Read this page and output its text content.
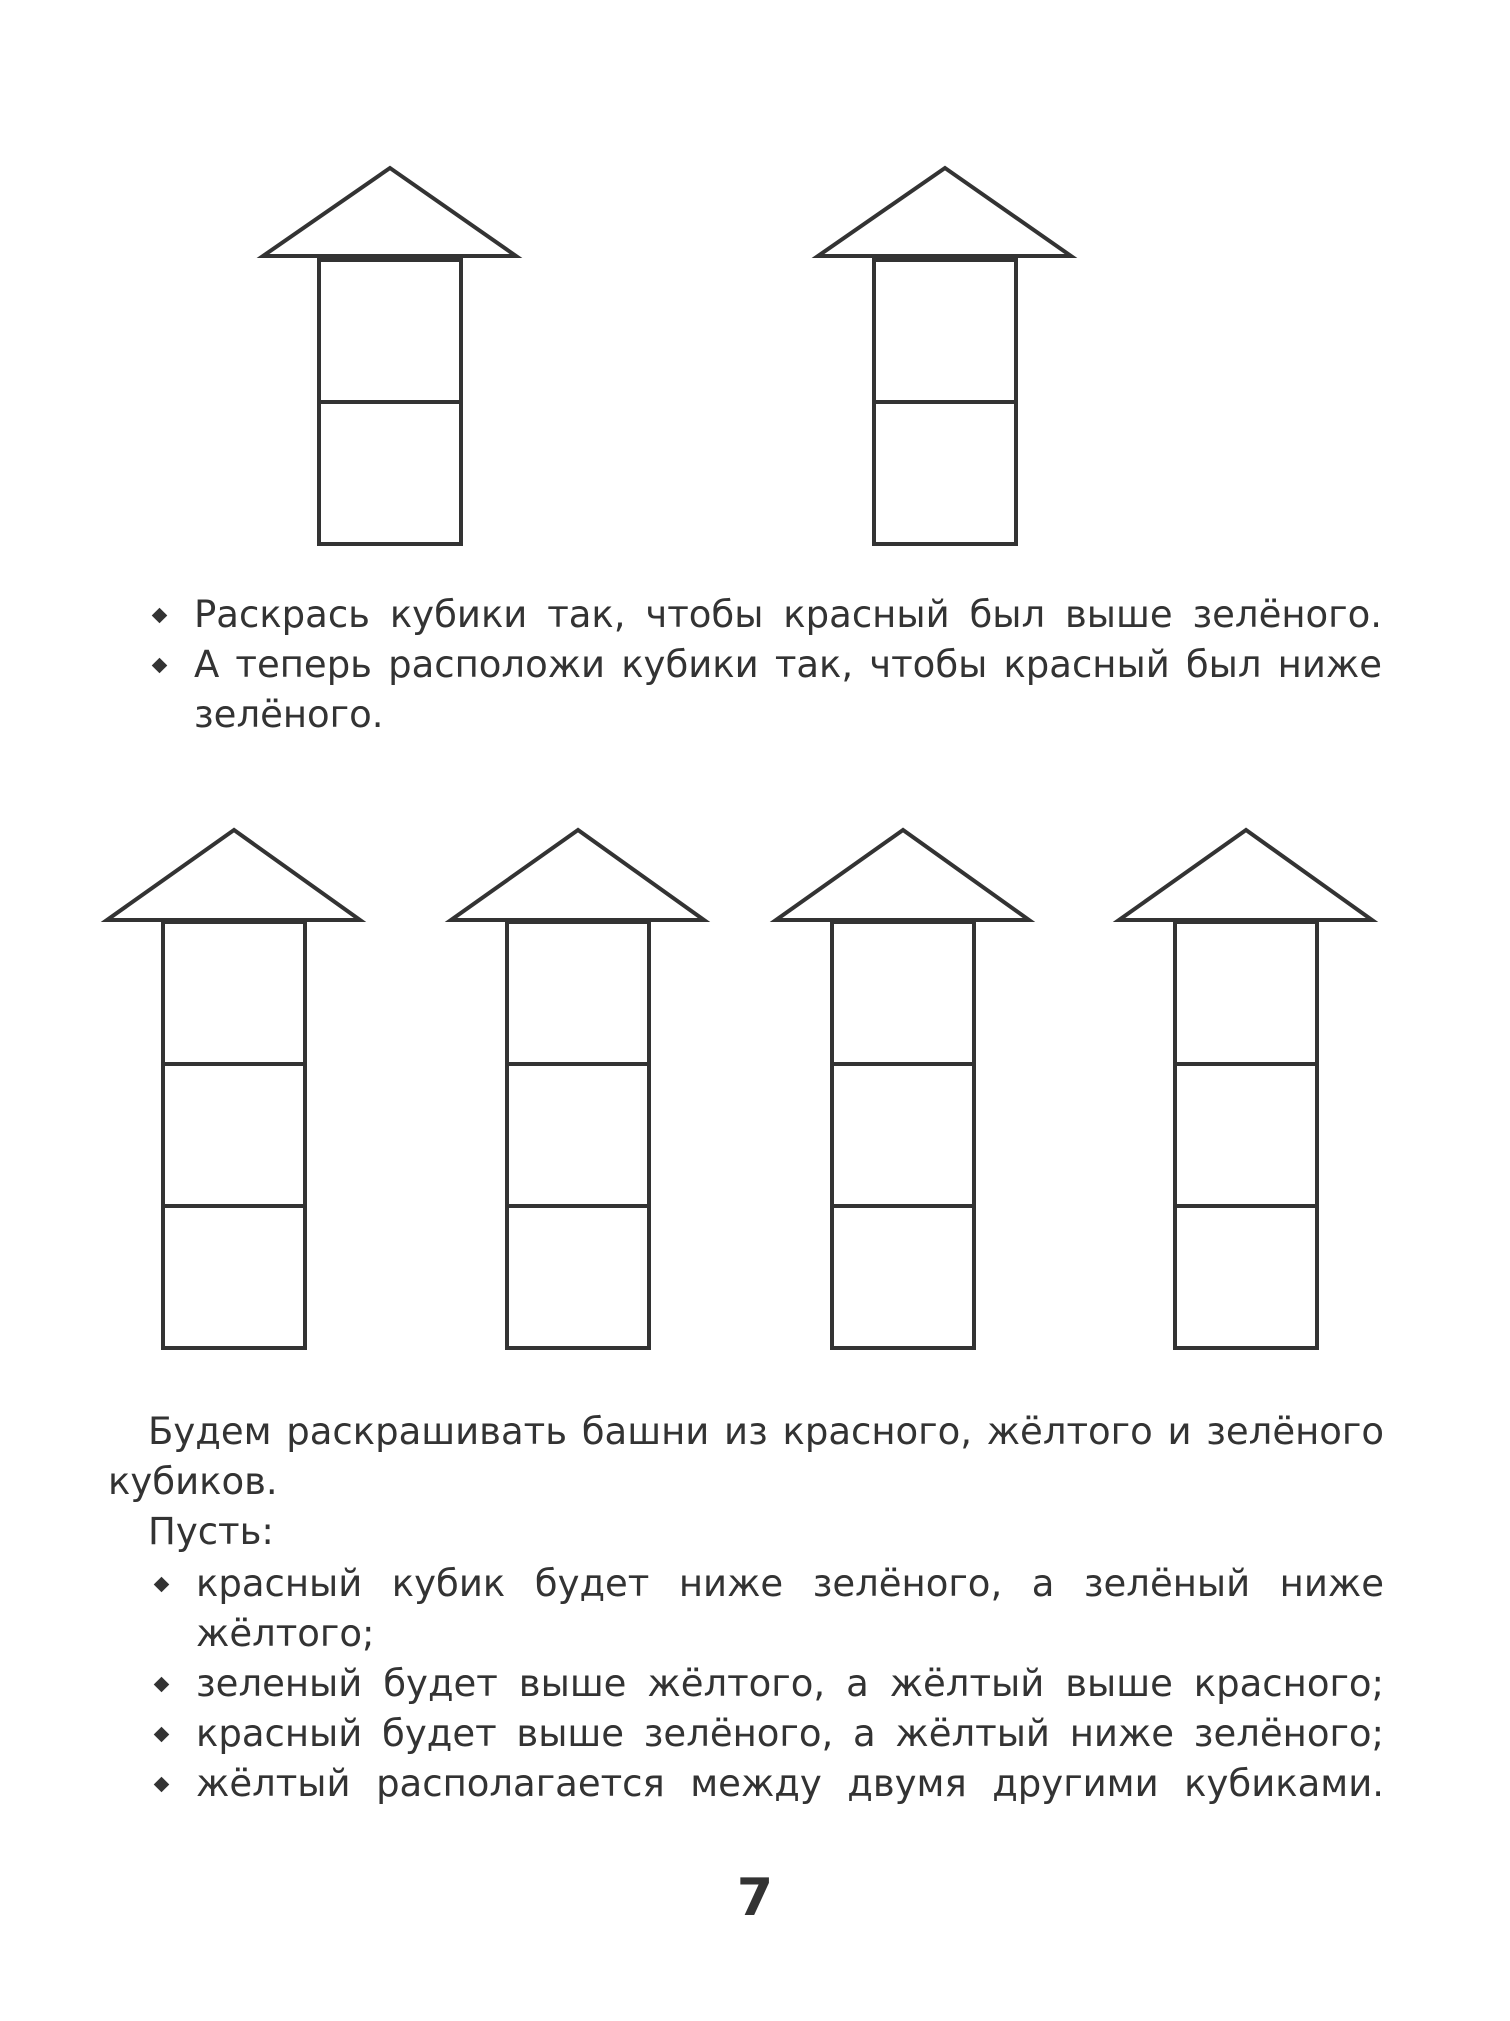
Раскрась кубики так, чтобы красный был выше зелёного.
А теперь расположи кубики так, чтобы красный был ниже зелёного.
Будем раскрашивать башни из красного, жёлтого и зелёного кубиков.
Пусть:
красный кубик будет ниже зелёного, а зелёный ниже жёлтого;
зеленый будет выше жёлтого, а жёлтый выше красного;
красный будет выше зелёного, а жёлтый ниже зелёного;
жёлтый располагается между двумя другими кубиками.
7
